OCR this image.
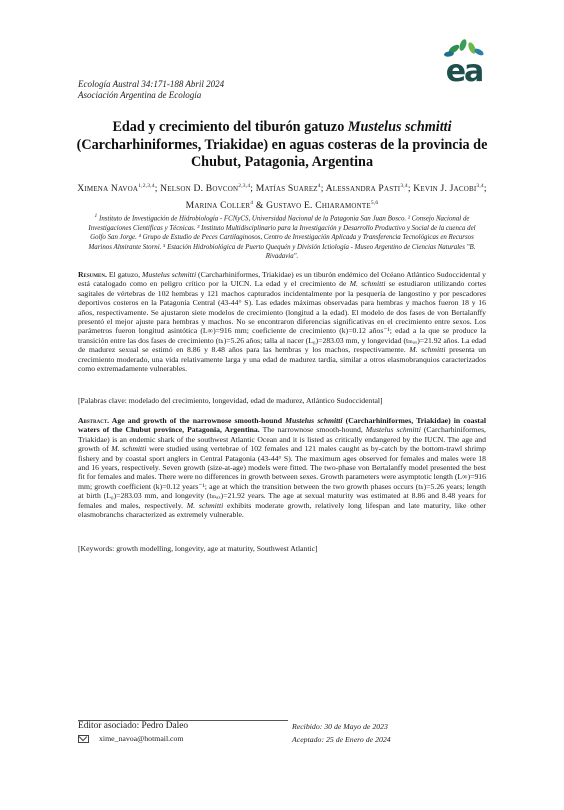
ea
Ecología Austral 34:171-188 Abril 2024
Asociación Argentina de Ecología
Edad y crecimiento del tiburón gatuzo Mustelus schmitti (Carcharhiniformes, Triakidae) en aguas costeras de la provincia de Chubut, Patagonia, Argentina
Ximena Navoa$^{1,2,3,4}$; Nelson D. Bovcon$^{2,3,4}$; Matías Suarez$^4$; Alessandra Pasti$^{3,4}$; Kevin J. Jacobi$^{3,4}$; Marina Coller$^4$ & Gustavo E. Chiaramonte$^{5,6}$
$^1$ Instituto de Investigación de Hidrobiología - FCNyCS, Universidad Nacional de la Patagonia San Juan Bosco. ² Consejo Nacional de Investigaciones Científicas y Técnicas. ³ Instituto Multidisciplinario para la Investigación y Desarrollo Productivo y Social de la cuenca del Golfo San Jorge. ⁴ Grupo de Estudio de Peces Cartilaginosos, Centro de Investigación Aplicada y Transferencia Tecnológicas en Recursos Marinos Almirante Storni. ⁵ Estación Hidrobiológica de Puerto Quequén y División Ictiología - Museo Argentino de Ciencias Naturales "B. Rivadavia".
Resumen. El gatuzo, Mustelus schmitti (Carcharhiniformes, Triakidae) es un tiburón endémico del Océano Atlántico Sudoccidental y está catalogado como en peligro crítico por la UICN. La edad y el crecimiento de M. schmitti se estudiaron utilizando cortes sagitales de vértebras de 102 hembras y 121 machos capturados incidentalmente por la pesquería de langostino y por pescadores deportivos costeros en la Patagonia Central (43-44° S). Las edades máximas observadas para hembras y machos fueron 18 y 16 años, respectivamente. Se ajustaron siete modelos de crecimiento (longitud a la edad). El modelo de dos fases de von Bertalanffy presentó el mejor ajuste para hembras y machos. No se encontraron diferencias significativas en el crecimiento entre sexos. Los parámetros fueron longitud asintótica (L∞)=916 mm; coeficiente de crecimiento (k)=0.12 años⁻¹; edad a la que se produce la transición entre las dos fases de crecimiento (tₕ)=5.26 años; talla al nacer (L₀)=283.03 mm, y longevidad (tₘₐₓ)=21.92 años. La edad de madurez sexual se estimó en 8.86 y 8.48 años para las hembras y los machos, respectivamente. M. schmitti presenta un crecimiento moderado, una vida relativamente larga y una edad de madurez tardía, similar a otros elasmobranquios caracterizados como extremadamente vulnerables.
[Palabras clave: modelado del crecimiento, longevidad, edad de madurez, Atlántico Sudoccidental]
Abstract. Age and growth of the narrownose smooth-hound Mustelus schmitti (Carcharhiniformes, Triakidae) in coastal waters of the Chubut province, Patagonia, Argentina. The narrownose smooth-hound, Mustelus schmitti (Carcharhiniformes, Triakidae) is an endemic shark of the southwest Atlantic Ocean and it is listed as critically endangered by the IUCN. The age and growth of M. schmitti were studied using vertebrae of 102 females and 121 males caught as by-catch by the bottom-trawl shrimp fishery and by coastal sport anglers in Central Patagonia (43-44° S). The maximum ages observed for females and males were 18 and 16 years, respectively. Seven growth (size-at-age) models were fitted. The two-phase von Bertalanffy model presented the best fit for females and males. There were no differences in growth between sexes. Growth parameters were asymptotic length (L∞)=916 mm; growth coefficient (k)=0.12 years⁻¹; age at which the transition between the two growth phases occurs (tₕ)=5.26 years; length at birth (L₀)=283.03 mm, and longevity (tₘₐₓ)=21.92 years. The age at sexual maturity was estimated at 8.86 and 8.48 years for females and males, respectively. M. schmitti exhibits moderate growth, relatively long lifespan and late maturity, like other elasmobranchs characterized as extremely vulnerable.
[Keywords: growth modelling, longevity, age at maturity, Southwest Atlantic]
Editor asociado: Pedro Daleo
xime_navoa@hotmail.com
Recibido: 30 de Mayo de 2023
Aceptado: 25 de Enero de 2024
